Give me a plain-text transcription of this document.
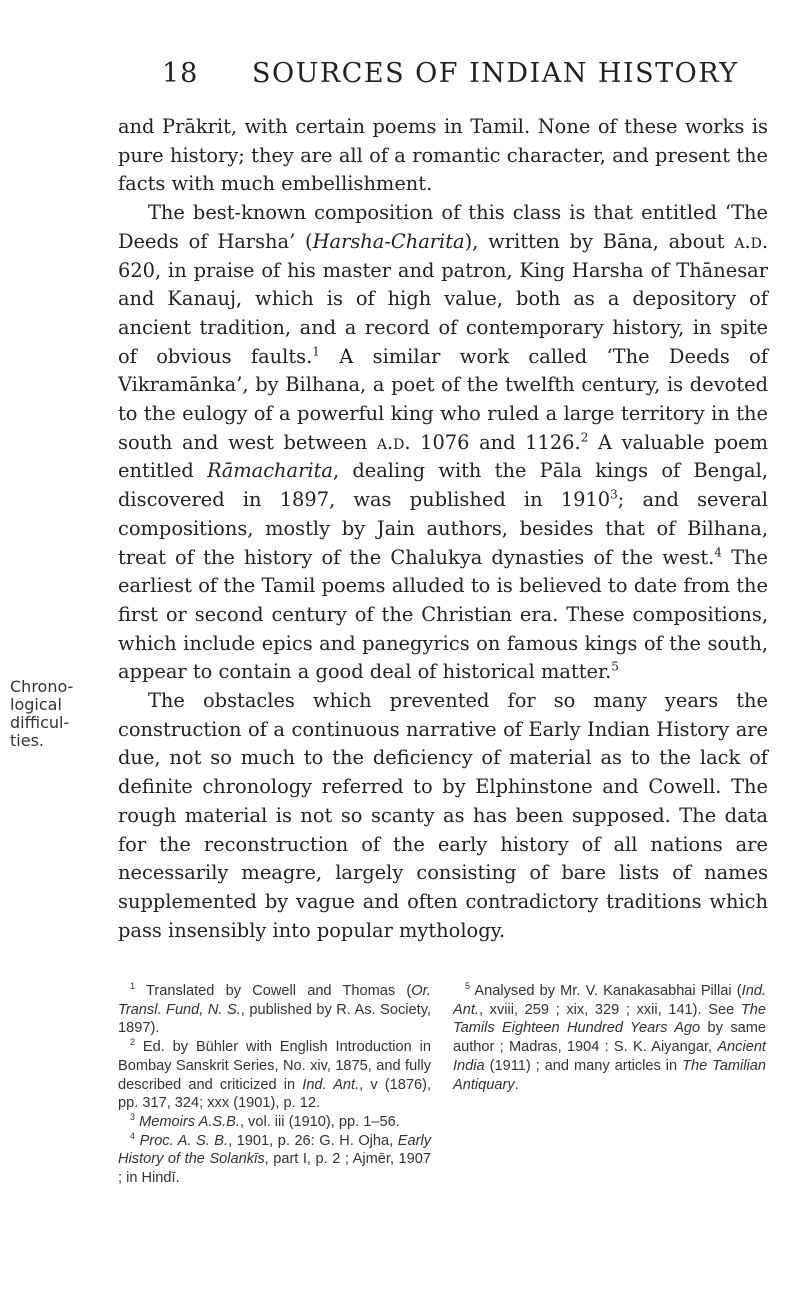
18 SOURCES OF INDIAN HISTORY
Chrono-
logical
difficul-
ties.

and Prākrit, with certain poems in Tamil. None of these works is pure history; they are all of a romantic character, and present the facts with much embellishment.

The best-known composition of this class is that entitled ‘The Deeds of Harsha’ (Harsha-Charita), written by Bāna, about a.d. 620, in praise of his master and patron, King Harsha of Thānesar and Kanauj, which is of high value, both as a depository of ancient tradition, and a record of contemporary history, in spite of obvious faults.$^1$ A similar work called ‘The Deeds of Vikramānka’, by Bilhana, a poet of the twelfth century, is devoted to the eulogy of a powerful king who ruled a large territory in the south and west between a.d. 1076 and 1126.$^2$ A valuable poem entitled Rāmacharita, dealing with the Pāla kings of Bengal, discovered in 1897, was published in 1910$^3$; and several compositions, mostly by Jain authors, besides that of Bilhana, treat of the history of the Chalukya dynasties of the west.$^4$ The earliest of the Tamil poems alluded to is believed to date from the first or second century of the Christian era. These compositions, which include epics and panegyrics on famous kings of the south, appear to contain a good deal of historical matter.$^5$

The obstacles which prevented for so many years the construction of a continuous narrative of Early Indian History are due, not so much to the deficiency of material as to the lack of definite chronology referred to by Elphinstone and Cowell. The rough material is not so scanty as has been supposed. The data for the reconstruction of the early history of all nations are necessarily meagre, largely consisting of bare lists of names supplemented by vague and often contradictory traditions which pass insensibly into popular mythology.

$^1$ Translated by Cowell and Thomas (Or. Transl. Fund, N. S., published by R. As. Society, 1897).

$^2$ Ed. by Bühler with English Introduction in Bombay Sanskrit Series, No. xiv, 1875, and fully described and criticized in Ind. Ant., v (1876), pp. 317, 324; xxx (1901), p. 12.

$^3$ Memoirs A.S.B., vol. iii (1910), pp. 1–56.

$^4$ Proc. A. S. B., 1901, p. 26: G. H. Ojha, Early History of the Solankīs, part I, p. 2 ; Ajmēr, 1907 ; in Hindī.

$^5$ Analysed by Mr. V. Kanakasabhai Pillai (Ind. Ant., xviii, 259 ; xix, 329 ; xxii, 141). See The Tamils Eighteen Hundred Years Ago by same author ; Madras, 1904 : S. K. Aiyangar, Ancient India (1911) ; and many articles in The Tamilian Antiquary.
